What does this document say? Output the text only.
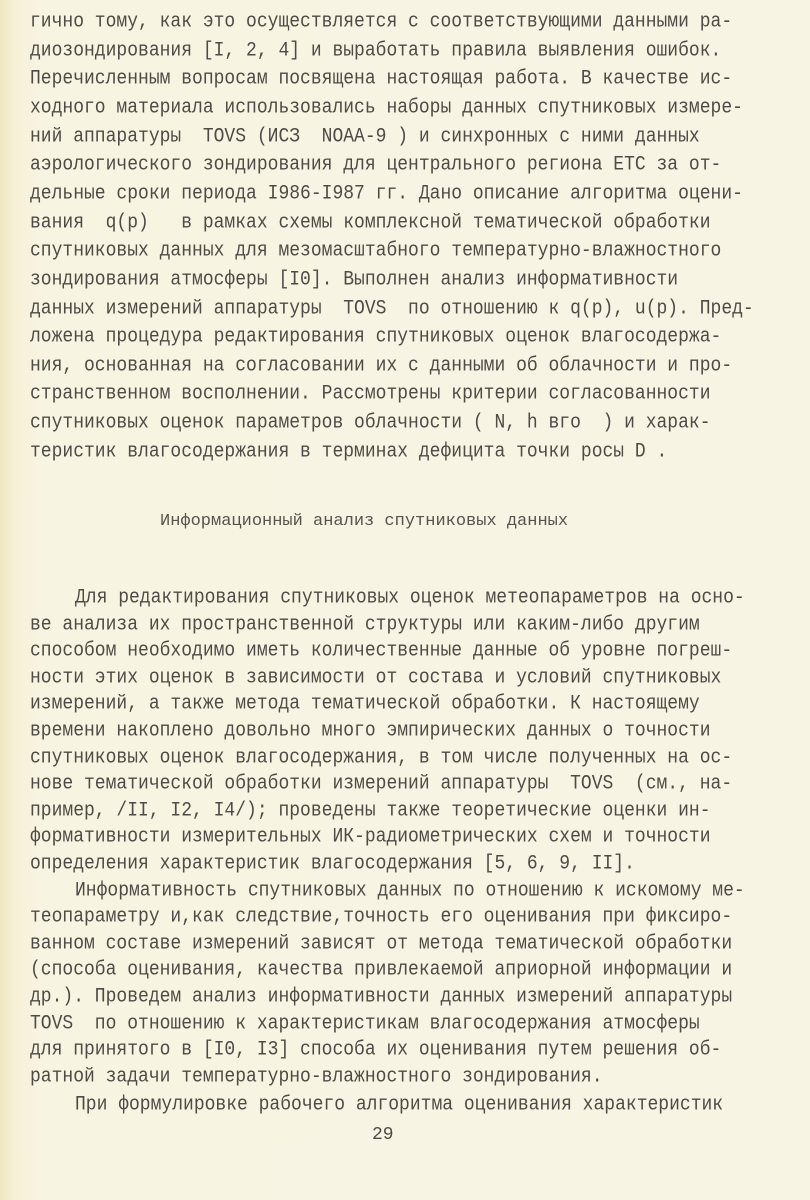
Информационный анализ спутниковых данных
29
гично тому, как это осуществляется с соответствующими данными ра-
диозондирования [I, 2, 4] и выработать правила выявления ошибок.
Перечисленным вопросам посвящена настоящая работа. В качестве ис-
ходного материала использовались наборы данных спутниковых измере-
ний аппаратуры  TOVS (ИСЗ  NOAA-9 ) и синхронных с ними данных
аэрологического зондирования для центрального региона ЕТС за от-
дельные сроки периода I986-I987 гг. Дано описание алгоритма оцени-
вания  q(p)   в рамках схемы комплексной тематической обработки
спутниковых данных для мезомасштабного температурно-влажностного
зондирования атмосферы [I0]. Выполнен анализ информативности
данных измерений аппаратуры  TOVS  по отношению к q(p), u(p). Пред-
ложена процедура редактирования спутниковых оценок влагосодержа-
ния, основанная на согласовании их с данными об облачности и про-
странственном восполнении. Рассмотрены критерии согласованности
спутниковых оценок параметров облачности ( N, h вго  ) и харак-
теристик влагосодержания в терминах дефицита точки росы D .
Для редактирования спутниковых оценок метеопараметров на осно-
ве анализа их пространственной структуры или каким-либо другим
способом необходимо иметь количественные данные об уровне погреш-
ности этих оценок в зависимости от состава и условий спутниковых
измерений, а также метода тематической обработки. К настоящему
времени накоплено довольно много эмпирических данных о точности
спутниковых оценок влагосодержания, в том числе полученных на ос-
нове тематической обработки измерений аппаратуры  TOVS  (см., на-
пример, /II, I2, I4/); проведены также теоретические оценки ин-
формативности измерительных ИК-радиометрических схем и точности
определения характеристик влагосодержания [5, 6, 9, II].
Информативность спутниковых данных по отношению к искомому ме-
теопараметру и,как следствие,точность его оценивания при фиксиро-
ванном составе измерений зависят от метода тематической обработки
(способа оценивания, качества привлекаемой априорной информации и
др.). Проведем анализ информативности данных измерений аппаратуры
TOVS  по отношению к характеристикам влагосодержания атмосферы
для принятого в [I0, I3] способа их оценивания путем решения об-
ратной задачи температурно-влажностного зондирования.
При формулировке рабочего алгоритма оценивания характеристик
